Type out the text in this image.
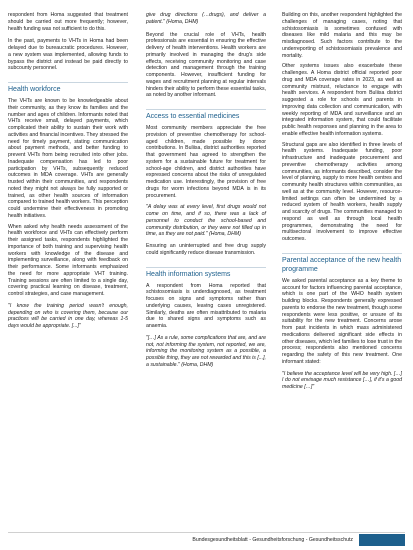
respondent from Homa suggested that treatment should be carried out more frequently; however, health funding was not sufficient to do this.

In the past, payments to VHTs in Homa had been delayed due to bureaucratic procedures. However, a new system was implemented, allowing funds to bypass the district and instead be paid directly to subcounty personnel.

Health workforce

The VHTs are known to be knowledgeable about their community, as they know its families and the number and ages of children. Informants noted that VHTs receive small, delayed payments, which complicated their ability to sustain their work with activities and financial incentives. They stressed the need for timely payment, stating communication about payment methods, and better funding to prevent VHTs from being recruited into other jobs. Inadequate compensation has led to poor participation by VHTs, subsequently reduced outcomes in MDA coverage. VHTs are generally trusted within their communities, and respondents noted they might not always be fully supported or trained, as other health sources of information compared to trained health workers. This perception could undermine their effectiveness in promoting health initiatives.

When asked why health needs assessment of the health workforce and VHTs can effectively perform their assigned tasks, respondents highlighted the importance of both training and supervising health workers with knowledge of the disease and implementing surveillance, along with feedback on their performance. Some informants emphasized the need for more appropriate VHT training. Training sessions are often limited to a single day, covering practical learning on disease, treatment, control strategies, and case management.

"I know the training period wasn't enough, depending on who is covering them, because our practices will be carried in one day, whereas 1-5 days would be appropriate. [...]"

give drug directions (…drugs), and deliver a patient." (Homa, DHM)

Beyond the crucial role of VHTs, health professionals are essential in ensuring the effective delivery of health interventions. Health workers are primarily involved in managing the drug's side effects, receiving community monitoring and case detection and management through the training components. However, insufficient funding for wages and recruitment planning at regular intervals hinders their ability to perform these essential tasks, as noted by another informant.

Access to essential medicines

Most community members appreciate the free provision of preventive chemotherapy for school-aged children, made possible by donor contributions. In Buliisa, district authorities reported that government has agreed to strengthen the system for a sustainable future for treatment for school-age children, and district authorities have expressed concerns about the risks of unregulated medication use. Interestingly, the provision of free drugs for worm infections beyond MDA is in its procurement.

"A delay was at every level, first drugs would not come on time, and if so, there was a lack of personnel to conduct the school-based and community distribution, or they were not filled up in time, as they are not paid." (Homa, DHM)

Ensuring an uninterrupted and free drug supply could significantly reduce disease transmission.

Health information systems

A respondent from Homa reported that schistosomiasis is underdiagnosed, as treatment focuses on signs and symptoms rather than underlying causes, leaving cases unregistered. Similarly, deaths are often misattributed to malaria due to shared signs and symptoms such as anaemia.

"[…] As a rule, some complications that are, and are not, not informing the system, not reported, we are, informing the monitoring system as a possible, a possible thing, they are not rewarded and this is [...], a sustainable." (Homa, DHM)

Building on this, another respondent highlighted the challenges of managing cases, noting that schistosomiasis is sometimes confused with diseases like mild malaria and this may be misdiagnosed. Such factors contribute to the underreporting of schistosomiasis prevalence and mortality.

Other systems issues also exacerbate these challenges. A Homa district official reported poor drug and MDA coverage rates in 2023, as well as community mistrust, reluctance to engage with health services. A respondent from Buliisa district suggested a role for schools and parents in improving data collection and communication, with weekly reporting of MDA and surveillance and an integrated information system, that could facilitate public health responses and planning in the area to enable effective health information systems.

Structural gaps are also identified in three levels of health systems. Inadequate funding, poor infrastructure and inadequate procurement and preventive chemotherapy activities among communities, as informants described, consider the level of planning, supply to more health centres and community health structures within communities, as well as at the community level. However, resource-limited settings can often be undermined by a reduced system of health workers, health supply and scarcity of drugs. The communities managed to respond as well as through local health programmes, demonstrating the need for multisectoral involvement to improve effective outcomes.

Parental acceptance of the new health programme

We asked parental acceptance as a key theme to account for factors influencing parental acceptance, which is one part of the WHO health system building blocks. Respondents generally expressed parents to endorse the new treatment, though some respondents were less positive, or unsure of its suitability for the new treatment. Concerns arose from past incidents in which mass administered medications delivered significant side effects in other diseases, which led families to lose trust in the process; respondents also mentioned concerns regarding the safety of this new treatment. One informant stated:

"I believe the acceptance level will be very high. […] I do not envisage much resistance […], if it's a good medicine […]"

Bundesgesundheitsblatt - Gesundheitsforschung - Gesundheitsschutz
